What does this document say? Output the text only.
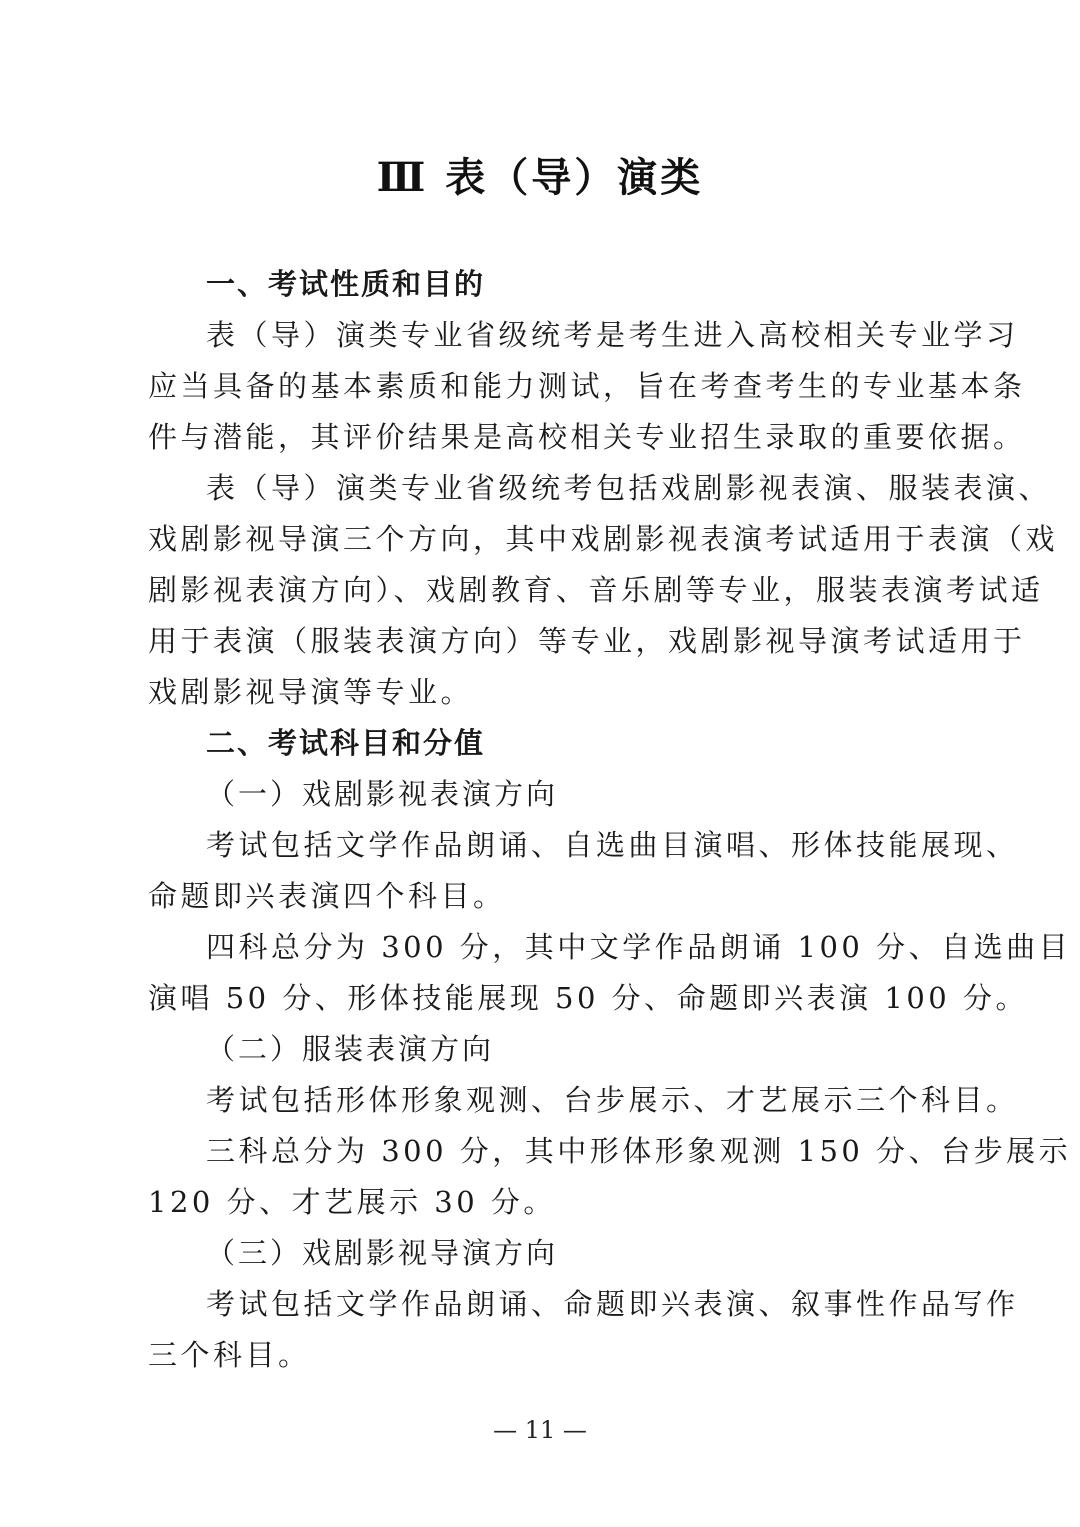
Ⅲ 表（导）演类
一、考试性质和目的
表（导）演类专业省级统考是考生进入高校相关专业学习
应当具备的基本素质和能力测试，旨在考查考生的专业基本条
件与潜能，其评价结果是高校相关专业招生录取的重要依据。
表（导）演类专业省级统考包括戏剧影视表演、服装表演、
戏剧影视导演三个方向，其中戏剧影视表演考试适用于表演（戏
剧影视表演方向）、戏剧教育、音乐剧等专业，服装表演考试适
用于表演（服装表演方向）等专业，戏剧影视导演考试适用于
戏剧影视导演等专业。
二、考试科目和分值
（一）戏剧影视表演方向
考试包括文学作品朗诵、自选曲目演唱、形体技能展现、
命题即兴表演四个科目。
四科总分为 300 分，其中文学作品朗诵 100 分、自选曲目
演唱 50 分、形体技能展现 50 分、命题即兴表演 100 分。
（二）服装表演方向
考试包括形体形象观测、台步展示、才艺展示三个科目。
三科总分为 300 分，其中形体形象观测 150 分、台步展示
120 分、才艺展示 30 分。
（三）戏剧影视导演方向
考试包括文学作品朗诵、命题即兴表演、叙事性作品写作
三个科目。
— 11 —
